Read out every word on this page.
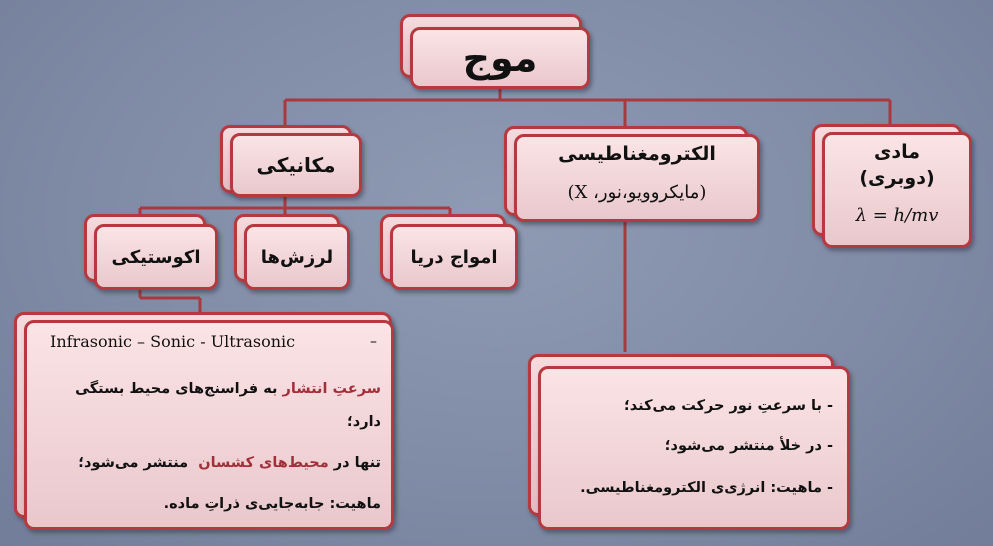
موج
مکانیکی	الکترومغناطیسی
(مایکروویو،نور، X)
مادی
(دوبری)
λ = h/mv
اکوستیکی	لرزش‌ها	امواج دریا
Infrasonic – Sonic - Ultrasonic	–
سرعتِ انتشار به فراسنج‌های محیط بستگی
دارد؛
تنها در محیط‌های کشسان  منتشر می‌شود؛
ماهیت: جابه‌جایی‌ی ذراتِ ماده.
- با سرعتِ نور حرکت می‌کند؛
- در خلأ منتشر می‌شود؛
- ماهیت: انرژی‌ی الکترومغناطیسی.
